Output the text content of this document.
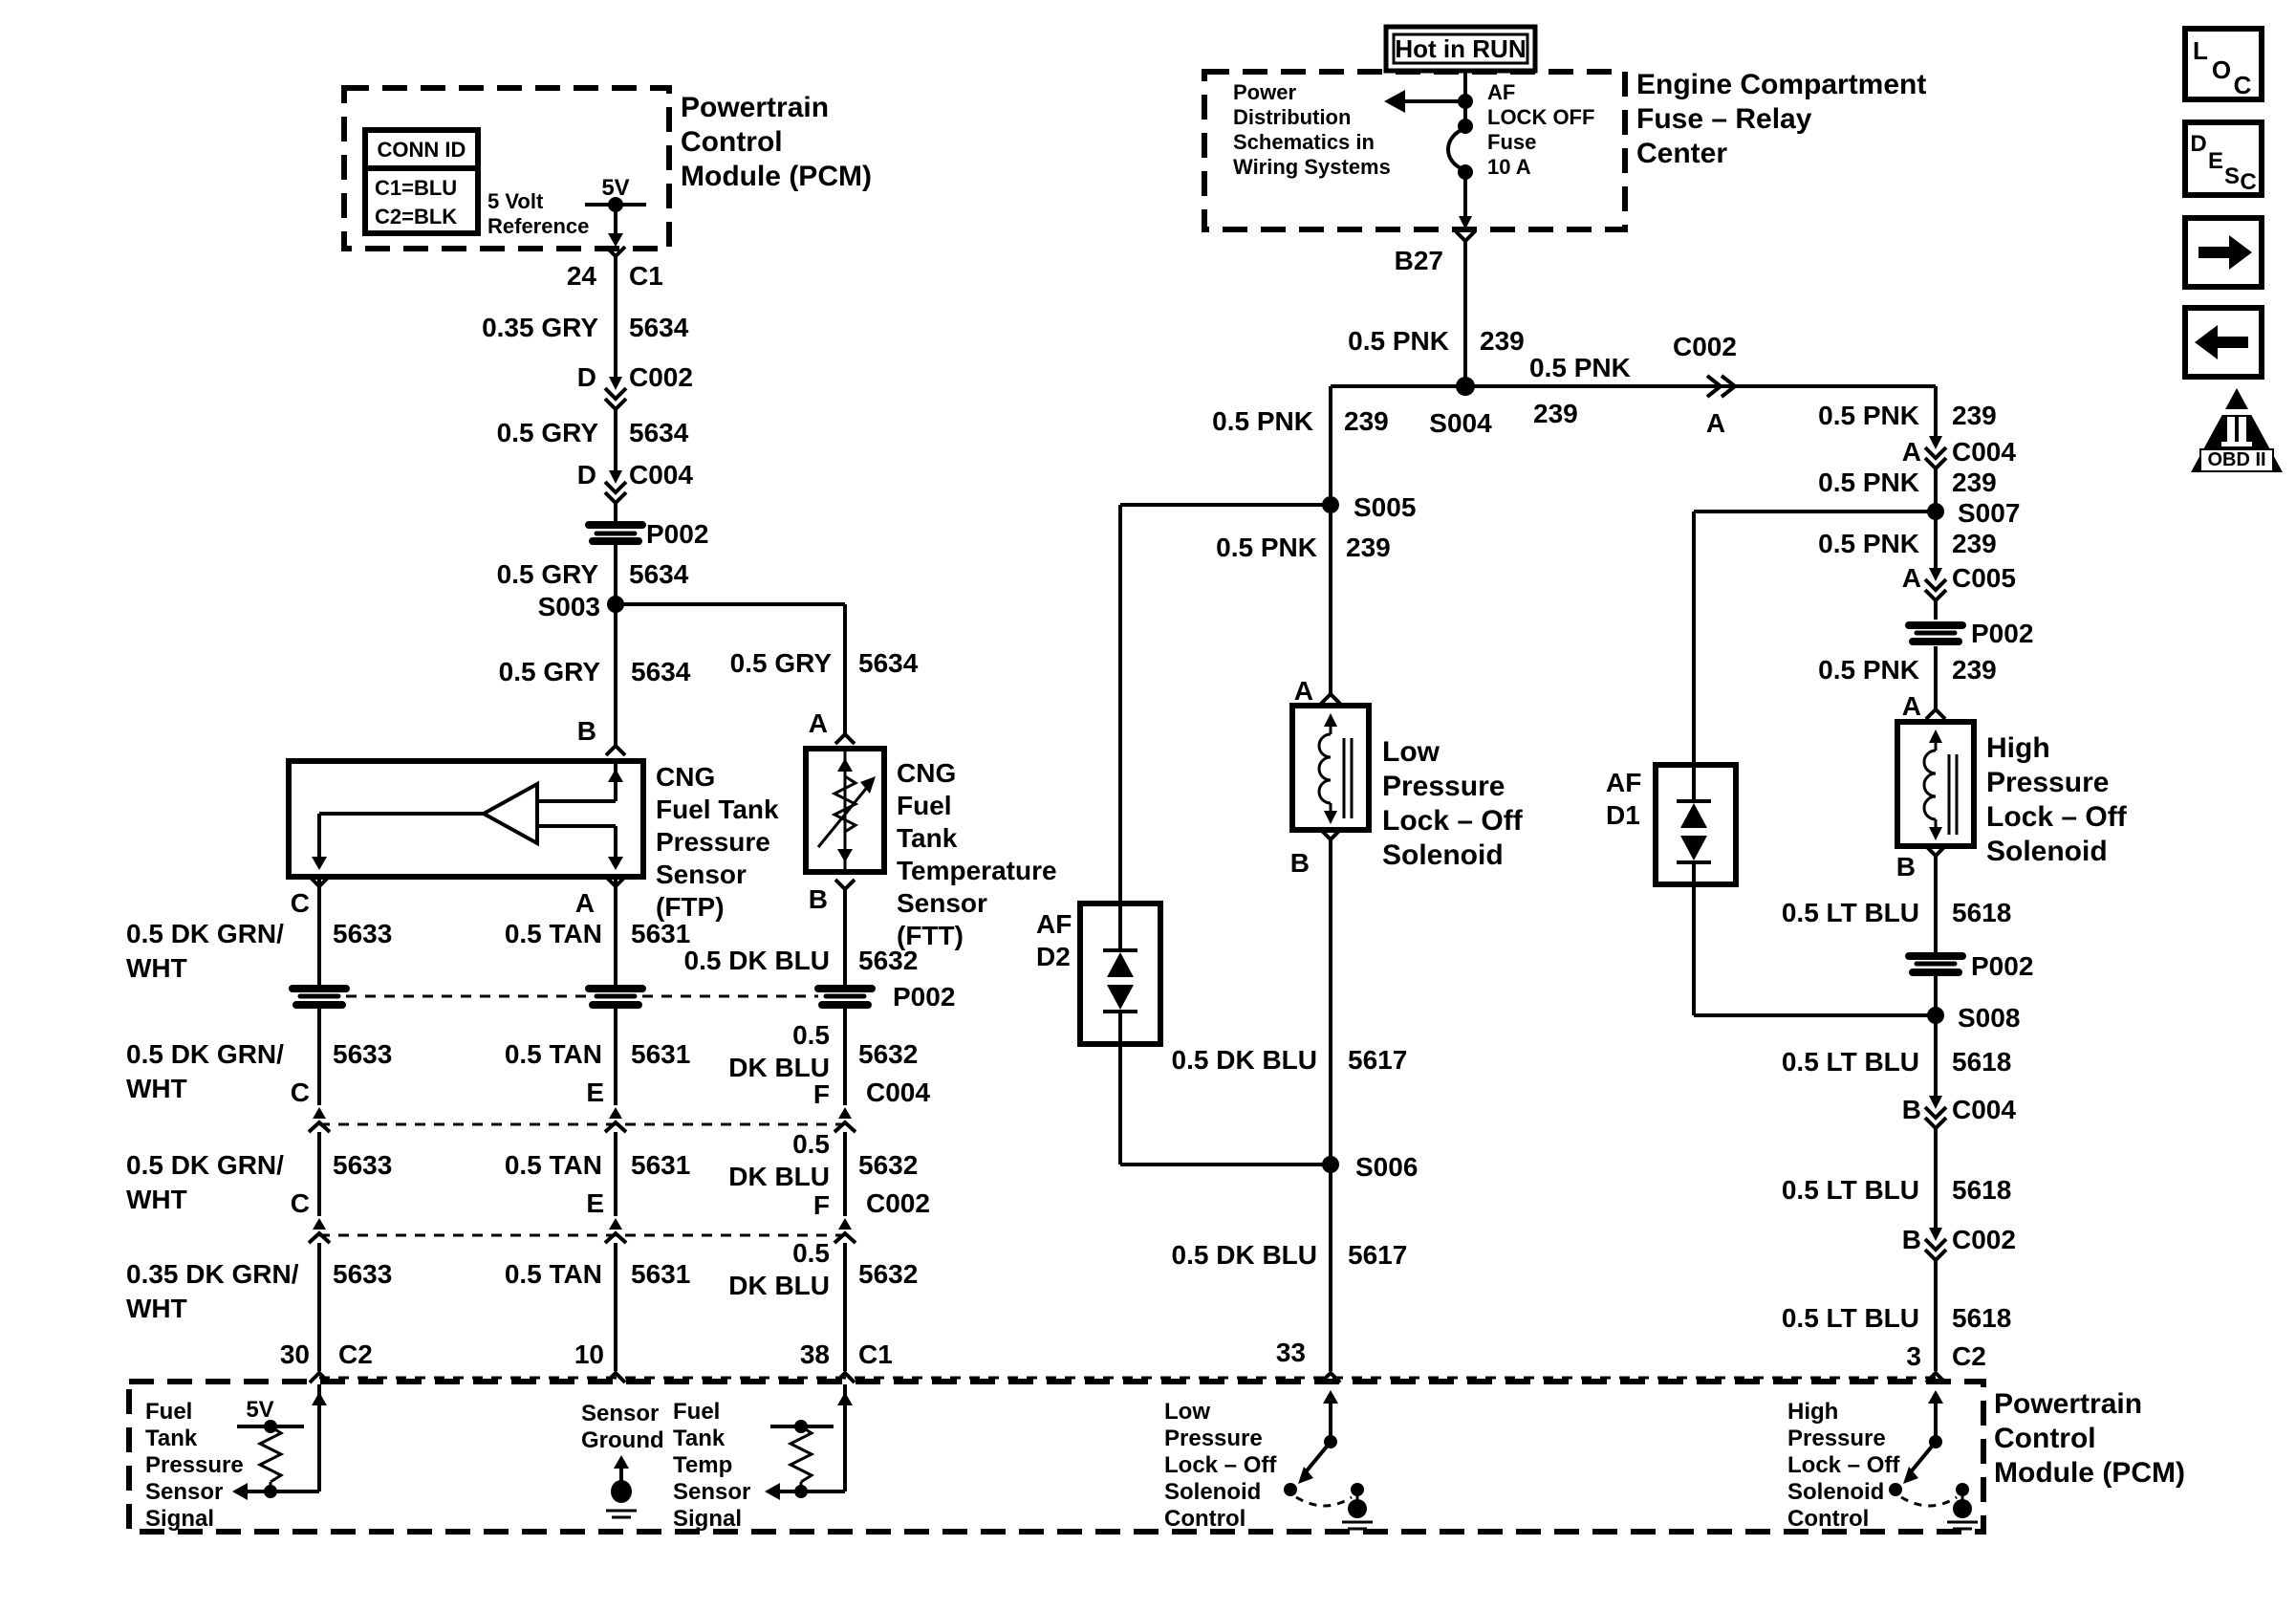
Powertrain Control Module (PCM)
CONN ID
C1=BLU
C2=BLK
5 Volt Reference
5V
24 C1
0.35 GRY 5634
D C002
0.5 GRY 5634
D C004
P002
0.5 GRY 5634
S003
0.5 GRY 5634 0.5 GRY 5634
B
CNG Fuel Tank Pressure Sensor (FTP)
A
CNG Fuel Tank Temperature Sensor (FTT)
C	A	B
0.5 DK GRN/
WHT
5633	0.5 TAN 5631
0.5 DK BLU 5632
P002
0.5 DK GRN/
WHT
5633
C
0.5 TAN 5631
E
0.5
DK BLU 5632
F C004
0.5 DK GRN/
WHT
5633
C
0.5 TAN 5631
E
0.5
DK BLU 5632
F C002
0.35 DK GRN/
WHT
5633	0.5 TAN 5631
0.5
DK BLU 5632
30 C2	10	38 C1
Fuel Tank Pressure Sensor Signal
5V	Sensor Ground
Fuel Tank Temp Sensor Signal
Low Pressure Lock – Off Solenoid Control
High Pressure Lock – Off Solenoid Control
Powertrain Control Module (PCM)
Hot in RUN
Power Distribution Schematics in Wiring Systems
AF LOCK OFF Fuse 10 A
Engine Compartment Fuse – Relay Center
B27
0.5 PNK 239
S004
0.5 PNK
239
C002
A	0.5 PNK 239
A C004
0.5 PNK 239
S007
0.5 PNK 239
A C005
P002
0.5 PNK 239
A
High Pressure Lock – Off Solenoid
AF D1
B
0.5 LT BLU 5618
P002
S008
0.5 LT BLU 5618
B C004
0.5 LT BLU 5618
B C002
0.5 LT BLU 5618
3 C2
0.5 PNK 239
S005
0.5 PNK 239
A
Low Pressure Lock – Off Solenoid
AF D2
B
0.5 DK BLU 5617
S006
0.5 DK BLU 5617
33
L
O
C
D
E
S C
OBD II
